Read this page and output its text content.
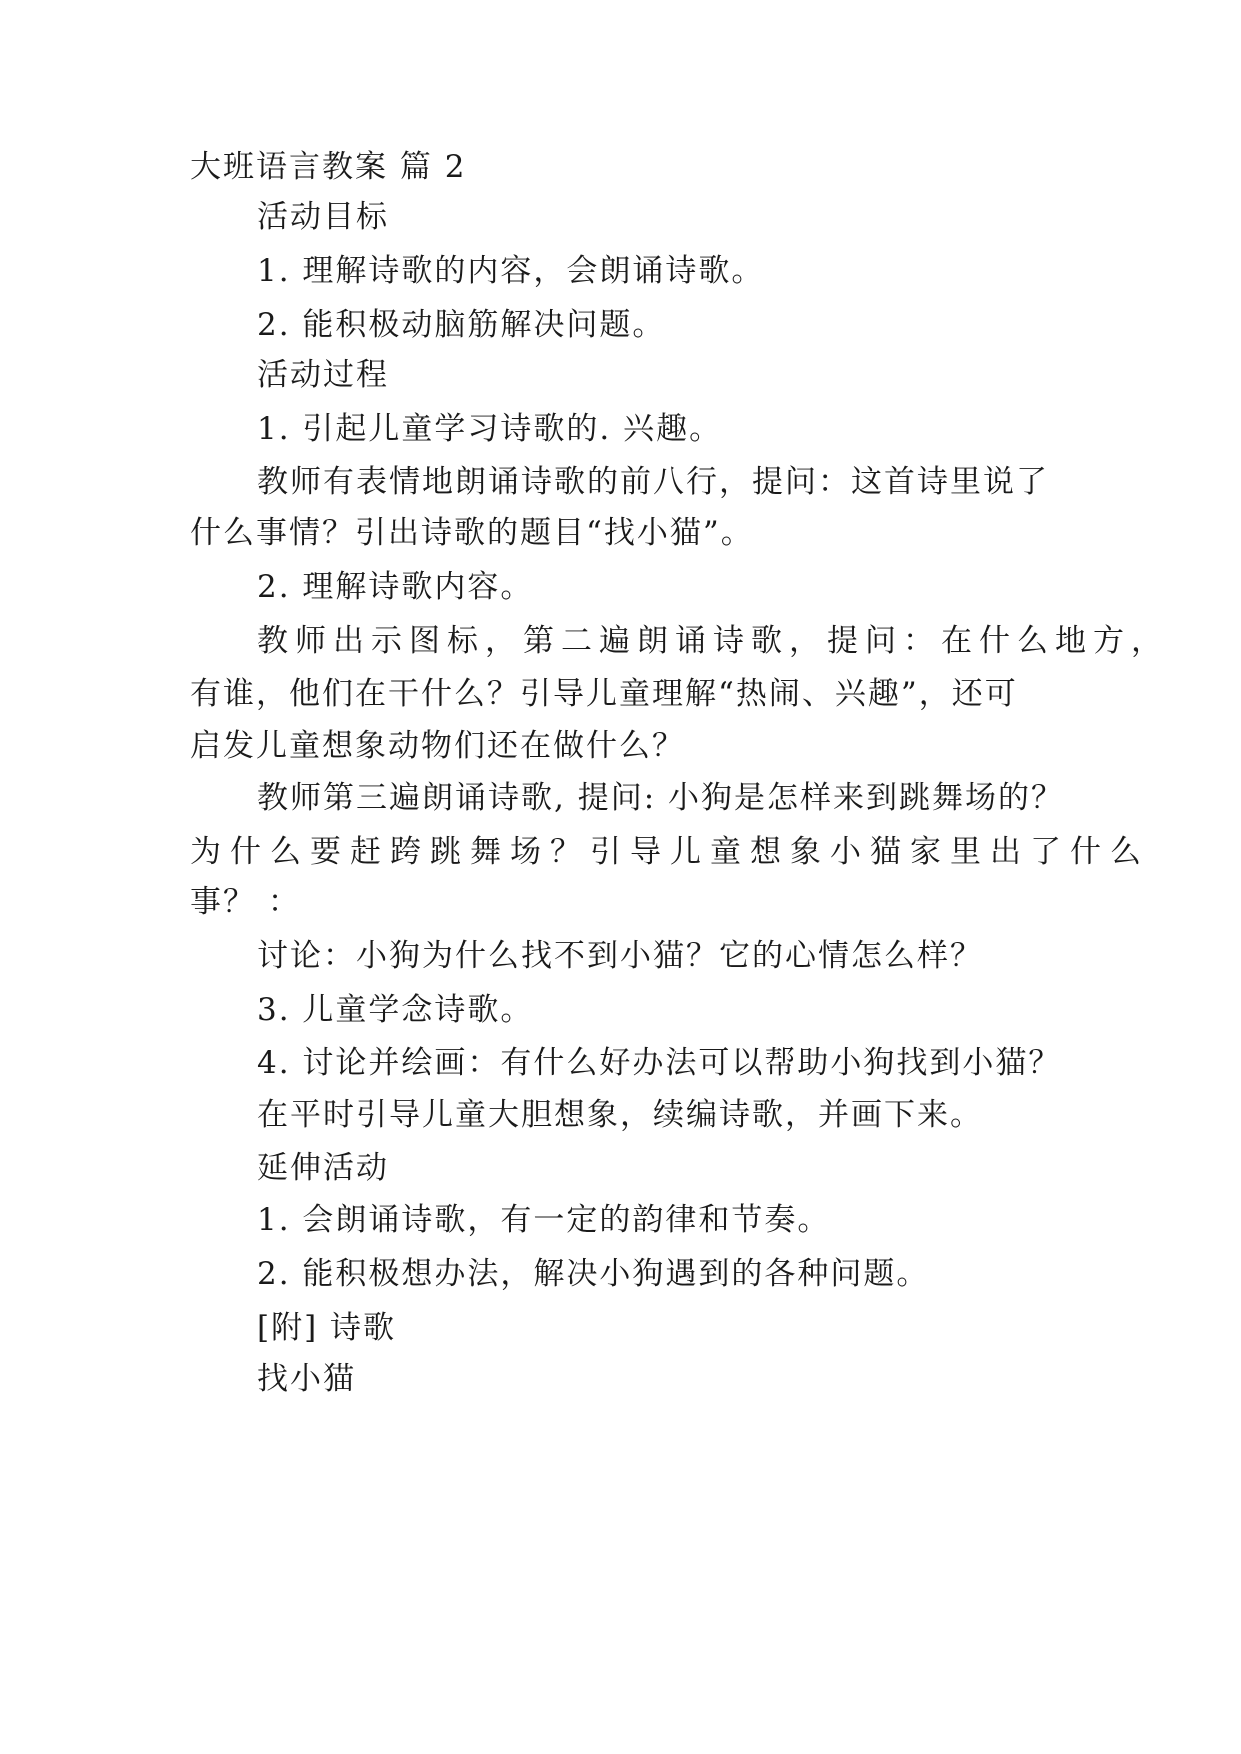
大班语言教案 篇 2
活动目标
1. 理解诗歌的内容，会朗诵诗歌。
2. 能积极动脑筋解决问题。
活动过程
1. 引起儿童学习诗歌的. 兴趣。
教师有表情地朗诵诗歌的前八行，提问：这首诗里说了
什么事情？引出诗歌的题目“找小猫”。
2. 理解诗歌内容。
教师出示图标，第二遍朗诵诗歌，提问：在什么地方，
有谁，他们在干什么？引导儿童理解“热闹、兴趣”，还可
启发儿童想象动物们还在做什么？
教师第三遍朗诵诗歌, 提问: 小狗是怎样来到跳舞场的？
为什么要赶跨跳舞场？引导儿童想象小猫家里出了什么
事？ ：
讨论：小狗为什么找不到小猫？它的心情怎么样？
3. 儿童学念诗歌。
4. 讨论并绘画：有什么好办法可以帮助小狗找到小猫？
在平时引导儿童大胆想象，续编诗歌，并画下来。
延伸活动
1. 会朗诵诗歌，有一定的韵律和节奏。
2. 能积极想办法，解决小狗遇到的各种问题。
[附] 诗歌
找小猫
